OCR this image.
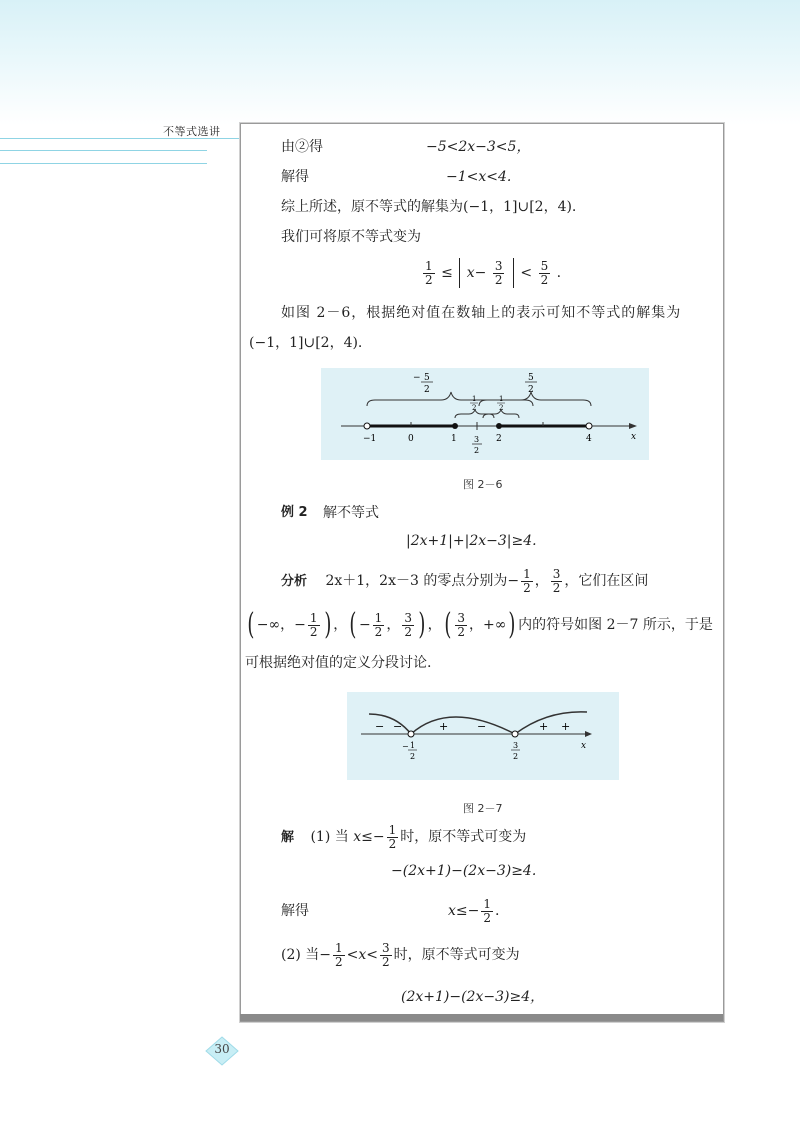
不等式选讲
由②得	−5<2x−3<5，
解得	−1<x<4.
综上所述，原不等式的解集为(−1，1]∪[2，4).
我们可将原不等式变为
$\frac{1}{2} \le x- \frac{3}{2} < \frac{5}{2}$ .
如图 2－6，根据绝对值在数轴上的表示可知不等式的解集为
(−1，1]∪[2，4).
−1	0	1	2	4	x
3
2
− 5
2
5
2
1
2
1
2
图 2－6
例 2 解不等式
|2x+1|+|2x−3|≥4.
分析 2x＋1，2x－3 的零点分别为− $\frac{1}{2}$ ， $\frac{3}{2}$ ，它们在区间
( −∞，− $\frac{1}{2}$ ) ，( − $\frac{1}{2}$ ， $\frac{3}{2}$ ) ，( $\frac{3}{2}$ ，+∞) 内的符号如图 2－7 所示，于是
可根据绝对值的定义分段讨论.
x
− −	+	−	+ +
− 1
2
3
2
图 2－7
解 (1) 当 $x\le- \frac{1}{2}$ 时，原不等式可变为
−(2x+1)−(2x−3)≥4.
解得	$x\le- \frac{1}{2}$ .
(2) 当− $\frac{1}{2} <x< \frac{3}{2}$ 时，原不等式可变为
(2x+1)−(2x−3)≥4，
30
